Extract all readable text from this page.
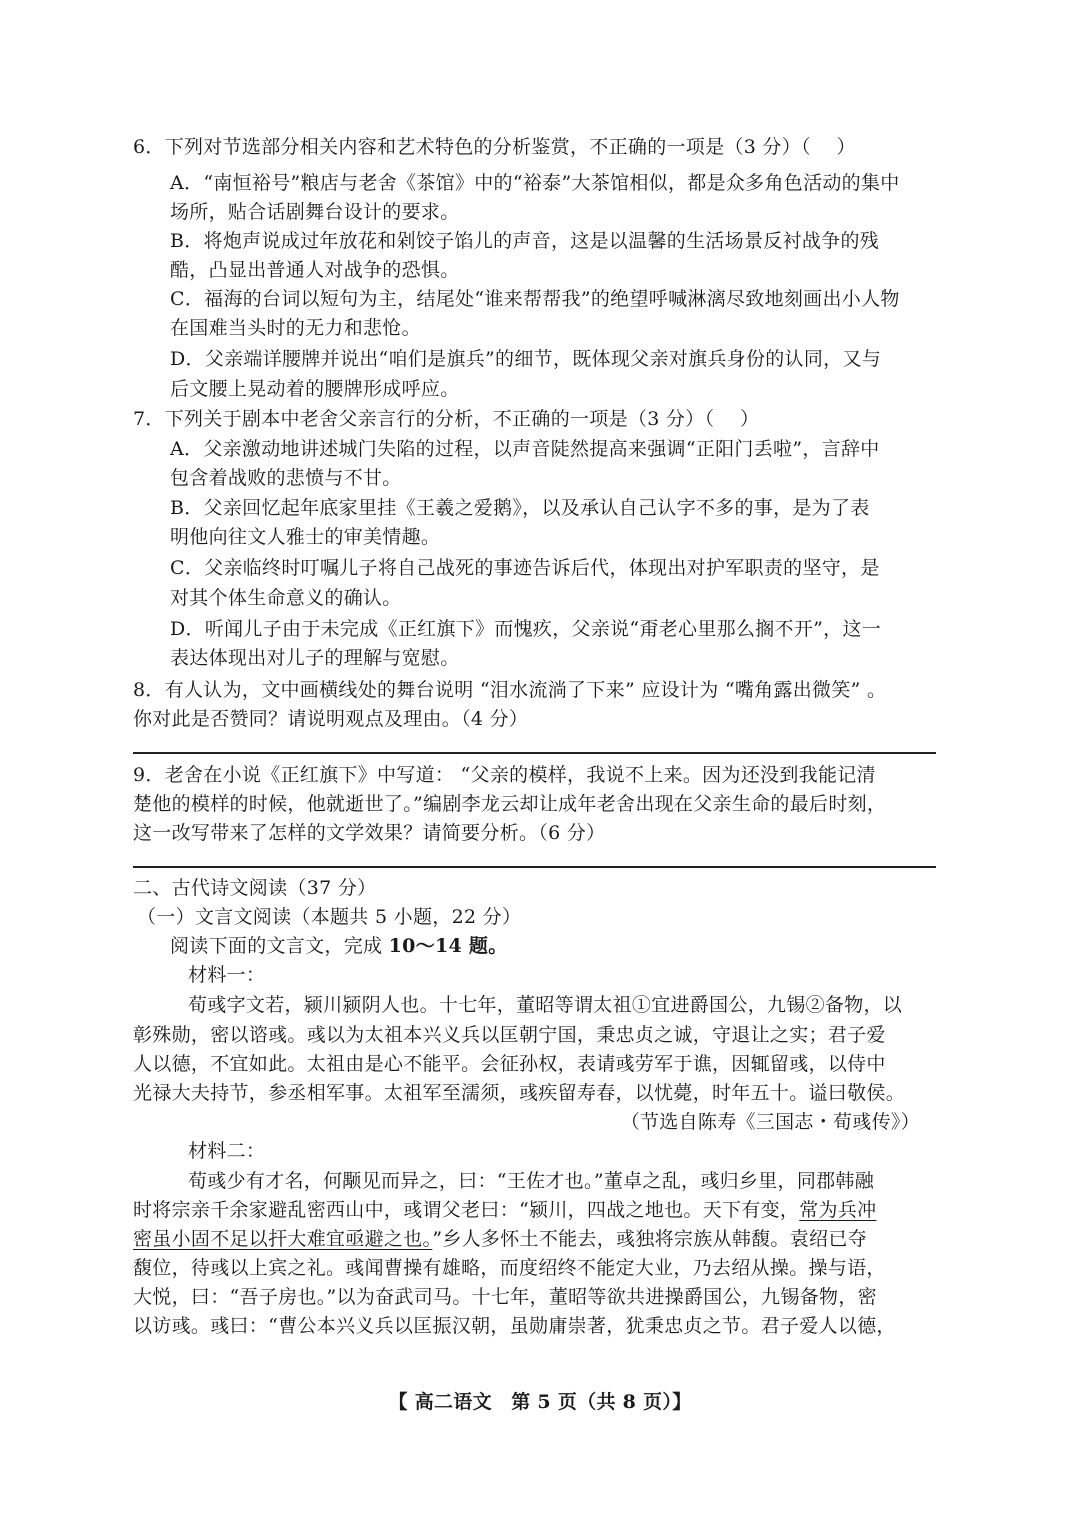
6．下列对节选部分相关内容和艺术特色的分析鉴赏，不正确的一项是（3 分）（　 ）
A．“南恒裕号”粮店与老舍《茶馆》中的“裕泰”大茶馆相似，都是众多角色活动的集中
场所，贴合话剧舞台设计的要求。
B．将炮声说成过年放花和剁饺子馅儿的声音，这是以温馨的生活场景反衬战争的残
酷，凸显出普通人对战争的恐惧。
C．福海的台词以短句为主，结尾处“谁来帮帮我”的绝望呼喊淋漓尽致地刻画出小人物
在国难当头时的无力和悲怆。
D．父亲端详腰牌并说出“咱们是旗兵”的细节，既体现父亲对旗兵身份的认同，又与
后文腰上晃动着的腰牌形成呼应。
7．下列关于剧本中老舍父亲言行的分析，不正确的一项是（3 分）（　 ）
A．父亲激动地讲述城门失陷的过程，以声音陡然提高来强调“正阳门丢啦”，言辞中
包含着战败的悲愤与不甘。
B．父亲回忆起年底家里挂《王羲之爱鹅》，以及承认自己认字不多的事，是为了表
明他向往文人雅士的审美情趣。
C．父亲临终时叮嘱儿子将自己战死的事迹告诉后代，体现出对护军职责的坚守，是
对其个体生命意义的确认。
D．听闻儿子由于未完成《正红旗下》而愧疚，父亲说“甭老心里那么搁不开”，这一
表达体现出对儿子的理解与宽慰。
8．有人认为，文中画横线处的舞台说明 “泪水流淌了下来” 应设计为 “嘴角露出微笑” 。
你对此是否赞同？请说明观点及理由。（4 分）
9．老舍在小说《正红旗下》中写道： “父亲的模样，我说不上来。因为还没到我能记清
楚他的模样的时候，他就逝世了。”编剧李龙云却让成年老舍出现在父亲生命的最后时刻，
这一改写带来了怎样的文学效果？请简要分析。（6 分）
二、古代诗文阅读（37 分）
（一）文言文阅读（本题共 5 小题，22 分）
阅读下面的文言文，完成 10～14 题。
材料一：
荀彧字文若，颍川颍阴人也。十七年，董昭等谓太祖①宜进爵国公，九锡②备物，以
彰殊勋，密以谘彧。彧以为太祖本兴义兵以匡朝宁国，秉忠贞之诚，守退让之实；君子爱
人以德，不宜如此。太祖由是心不能平。会征孙权，表请彧劳军于谯，因辄留彧，以侍中
光禄大夫持节，参丞相军事。太祖军至濡须，彧疾留寿春，以忧薨，时年五十。谥曰敬侯。
（节选自陈寿《三国志・荀彧传》）
材料二：
荀彧少有才名，何颙见而异之，曰：“王佐才也。”董卓之乱，彧归乡里，同郡韩融
时将宗亲千余家避乱密西山中，彧谓父老曰：“颍川，四战之地也。天下有变，常为兵冲
密虽小固不足以扞大难宜亟避之也。”乡人多怀土不能去，彧独将宗族从韩馥。袁绍已夺
馥位，待彧以上宾之礼。彧闻曹操有雄略，而度绍终不能定大业，乃去绍从操。操与语，
大悦，曰：“吾子房也。”以为奋武司马。十七年，董昭等欲共进操爵国公，九锡备物，密
以访彧。彧曰：“曹公本兴义兵以匡振汉朝，虽勋庸崇著，犹秉忠贞之节。君子爱人以德，
【 高二语文　第 5 页（共 8 页）】
